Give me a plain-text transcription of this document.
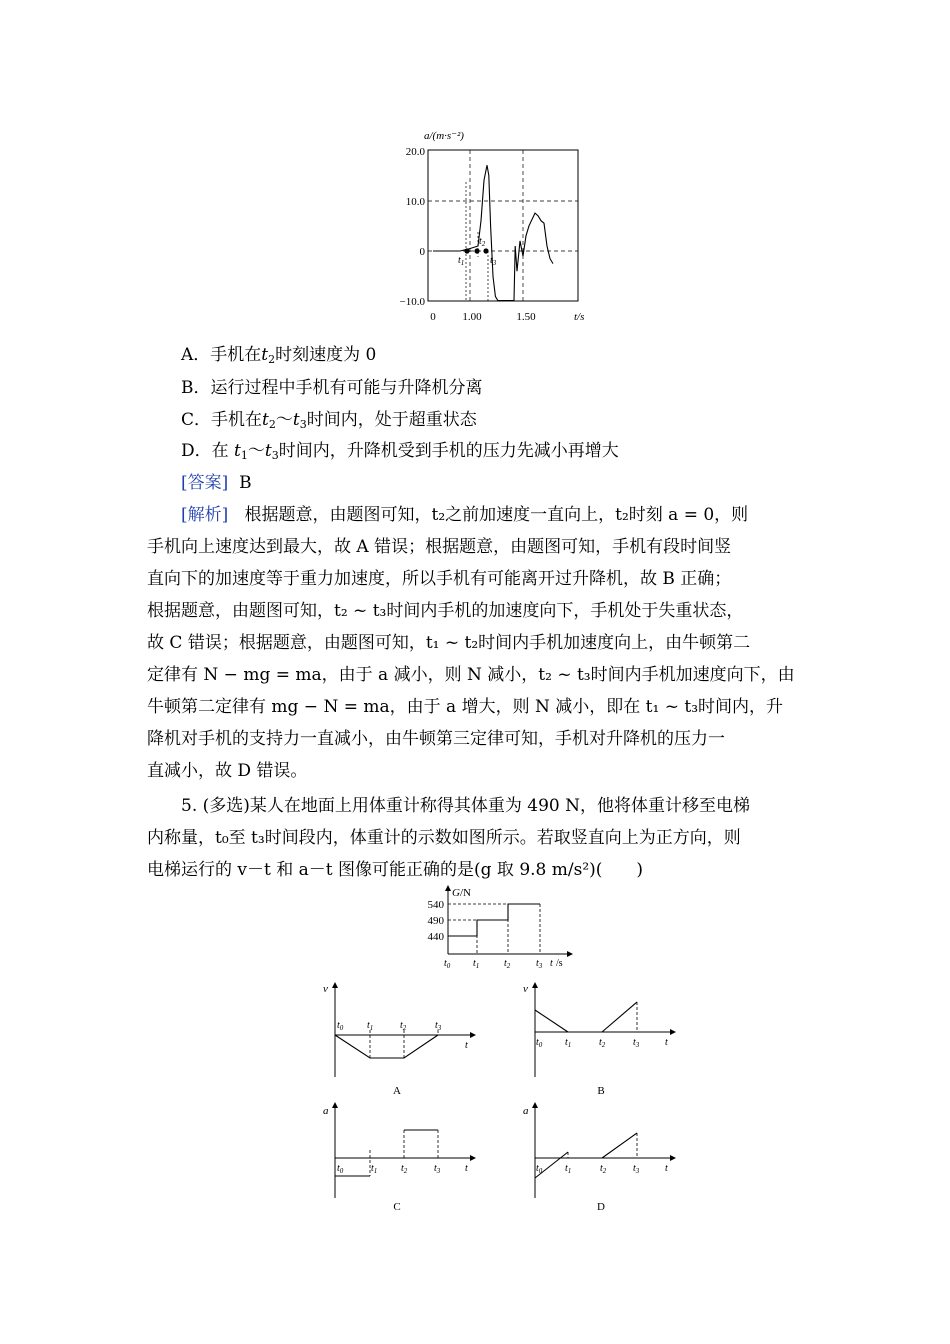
20.0
10.0
0
−10.0
0 1.00	1.50
a/(m·s⁻²)
t/s
$t_1$
$t_2$
$t_3$
A．手机在$t_2$时刻速度为 0
B．运行过程中手机有可能与升降机分离
C．手机在$t_2\sim t_3$时间内，处于超重状态
D．在 $t_1\sim t_3$时间内，升降机受到手机的压力先减小再增大
[答案] B
[解析] 根据题意，由题图可知，t₂之前加速度一直向上，t₂时刻 a = 0，则
手机向上速度达到最大，故 A 错误；根据题意，由题图可知，手机有段时间竖
直向下的加速度等于重力加速度，所以手机有可能离开过升降机，故 B 正确；
根据题意，由题图可知，t₂ ~ t₃时间内手机的加速度向下，手机处于失重状态，
故 C 错误；根据题意，由题图可知，t₁ ~ t₂时间内手机加速度向上，由牛顿第二
定律有 N − mg = ma，由于 a 减小，则 N 减小，t₂ ~ t₃时间内手机加速度向下，由
牛顿第二定律有 mg − N = ma，由于 a 增大，则 N 减小，即在 t₁ ~ t₃时间内，升
降机对手机的支持力一直减小，由牛顿第三定律可知，手机对升降机的压力一
直减小，故 D 错误。
5. (多选)某人在地面上用体重计称得其体重为 490 N，他将体重计移至电梯
内称量，t₀至 t₃时间段内，体重计的示数如图所示。若取竖直向上为正方向，则
电梯运行的 v－t 和 a－t 图像可能正确的是(g 取 9.8 m/s²)(　　)
G /N
540
490
440
$t_0$ $t_1$ $t_2$	$t_3$ t /s
v
t
$t_0$ $t_1$	$t_2$	$t_3$
A
v
t
$t_0$ $t_1$	$t_2$	$t_3$
B
a
t
$t_0$	$t_1$ $t_2$	$t_3$
C
a
t
$t_0$ $t_1$	$t_2$	$t_3$
D
